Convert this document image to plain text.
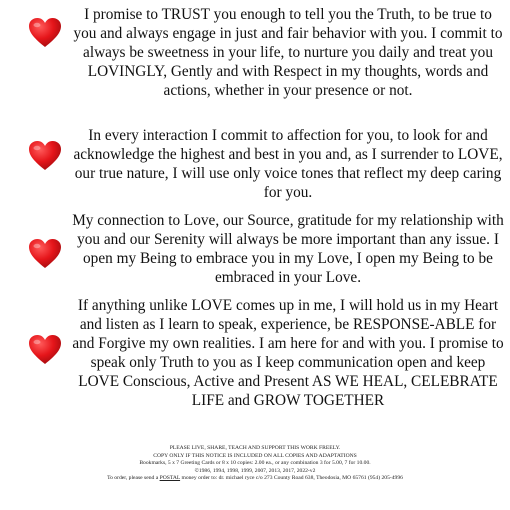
I promise to TRUST you enough to tell you the Truth, to be true to you and always engage in just and fair behavior with you. I commit to always be sweetness in your life, to nurture you daily and treat you LOVINGLY, Gently and with Respect in my thoughts, words and actions, whether in your presence or not.
In every interaction I commit to affection for you, to look for and acknowledge the highest and best in you and, as I surrender to LOVE, our true nature, I will use only voice tones that reflect my deep caring for you.
My connection to Love, our Source, gratitude for my relationship with you and our Serenity will always be more important than any issue. I open my Being to embrace you in my Love, I open my Being to be embraced in your Love.
If anything unlike LOVE comes up in me, I will hold us in my Heart and listen as I learn to speak, experience, be RESPONSE-ABLE for and Forgive my own realities. I am here for and with you. I promise to speak only Truth to you as I keep communication open and keep LOVE Conscious, Active and Present AS WE HEAL, CELEBRATE LIFE and GROW TOGETHER
PLEASE LIVE, SHARE, TEACH AND SUPPORT THIS WORK FREELY.
COPY ONLY IF THIS NOTICE IS INCLUDED ON ALL COPIES AND ADAPTATIONS
Bookmarks, 5 x 7 Greeting Cards or 8 x 10 copies: 2.00 ea., or any combination 3 for 5.00, 7 for 10.00.
©1986, 1994, 1998, 1999, 2007, 2013, 2017, 2022-v2
To order, please send a POSTAL money order to: dr. michael ryce c/o 273 County Road 638, Theodosia, MO 65761 (954) 205-4996
